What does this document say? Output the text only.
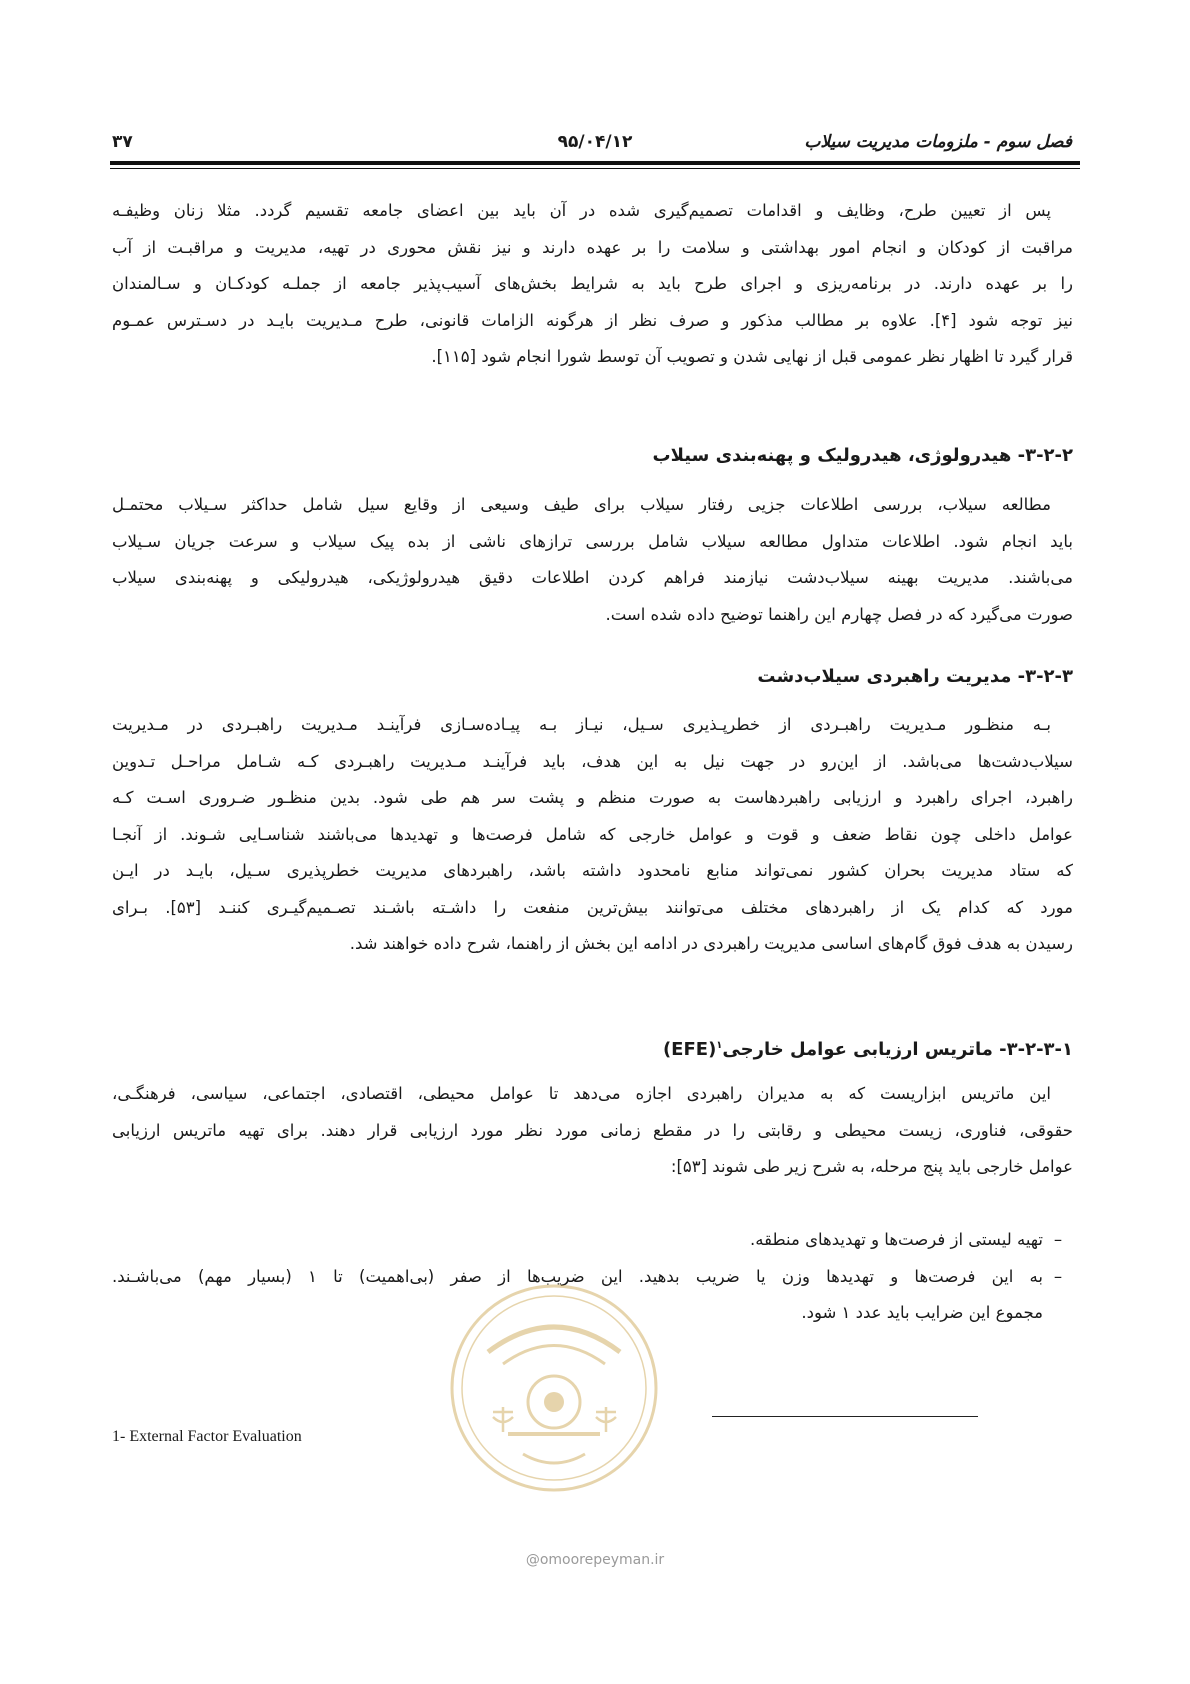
فصل سوم - ملزومات مدیریت سیلاب
۹۵/۰۴/۱۲
۳۷

پس از تعیین طرح، وظایف و اقدامات تصمیم‌گیری شده در آن باید بین اعضای جامعه تقسیم گردد. مثلا زنان وظیفـه
مراقبت از کودکان و انجام امور بهداشتی و سلامت را بر عهده دارند و نیز نقش محوری در تهیه، مدیریت و مراقبـت از آب
را بر عهده دارند. در برنامه‌ریزی و اجرای طرح باید به شرایط بخش‌های آسیب‌پذیر جامعه از جملـه کودکـان و سـالمندان
نیز توجه شود [۴]. علاوه بر مطالب مذکور و صرف نظر از هرگونه الزامات قانونی، طرح مـدیریت بایـد در دسـترس عمـوم
قرار گیرد تا اظهار نظر عمومی قبل از نهایی شدن و تصویب آن توسط شورا انجام شود [۱۱۵].

۳-۲-۲- هیدرولوژی، هیدرولیک و پهنه‌بندی سیلاب

مطالعه سیلاب، بررسی اطلاعات جزیی رفتار سیلاب برای طیف وسیعی از وقایع سیل شامل حداکثر سـیلاب محتمـل
باید انجام شود. اطلاعات متداول مطالعه سیلاب شامل بررسی ترازهای ناشی از بده پیک سیلاب و سرعت جریان سـیلاب
می‌باشند. مدیریت بهینه سیلاب‌دشت نیازمند فراهم کردن اطلاعات دقیق هیدرولوژیکی، هیدرولیکی و پهنه‌بندی سیلاب
صورت می‌گیرد که در فصل چهارم این راهنما توضیح داده شده است.

۳-۲-۳- مدیریت راهبردی سیلاب‌دشت

بـه منظـور مـدیریت راهبـردی از خطرپـذیری سـیل، نیـاز بـه پیـاده‌سـازی فرآینـد مـدیریت راهبـردی در مـدیریت
سیلاب‌دشت‌ها می‌باشد. از این‌رو در جهت نیل به این هدف، باید فرآینـد مـدیریت راهبـردی کـه شـامل مراحـل تـدوین
راهبرد، اجرای راهبرد و ارزیابی راهبردهاست به صورت منظم و پشت سر هم طی شود. بدین منظـور ضـروری اسـت کـه
عوامل داخلی چون نقاط ضعف و قوت و عوامل خارجی که شامل فرصت‌ها و تهدیدها می‌باشند شناسـایی شـوند. از آنجـا
که ستاد مدیریت بحران کشور نمی‌تواند منابع نامحدود داشته باشد، راهبردهای مدیریت خطرپذیری سـیل، بایـد در ایـن
مورد که کدام یک از راهبردهای مختلف می‌توانند بیش‌ترین منفعت را داشـته باشـند تصـمیم‌گیـری کننـد [۵۳]. بـرای
رسیدن به هدف فوق گام‌های اساسی مدیریت راهبردی در ادامه این بخش از راهنما، شرح داده خواهند شد.

۳-۲-۳-۱- ماتریس ارزیابی عوامل خارجی$^۱$(EFE)

این ماتریس ابزاریست که به مدیران راهبردی اجازه می‌دهد تا عوامل محیطی، اقتصادی، اجتماعی، سیاسی، فرهنگـی،
حقوقی، فناوری، زیست محیطی و رقابتی را در مقطع زمانی مورد نظر مورد ارزیابی قرار دهند. برای تهیه ماتریس ارزیابی
عوامل خارجی باید پنج مرحله، به شرح زیر طی شوند [۵۳]:

–
تهیه لیستی از فرصت‌ها و تهدیدهای منطقه.
–
به این فرصت‌ها و تهدیدها وزن یا ضریب بدهید. این ضریب‌ها از صفر (بی‌اهمیت) تا ۱ (بسیار مهم) می‌باشـند.
مجموع این ضرایب باید عدد ۱ شود.
@omoorepeyman.ir
1- External Factor Evaluation
